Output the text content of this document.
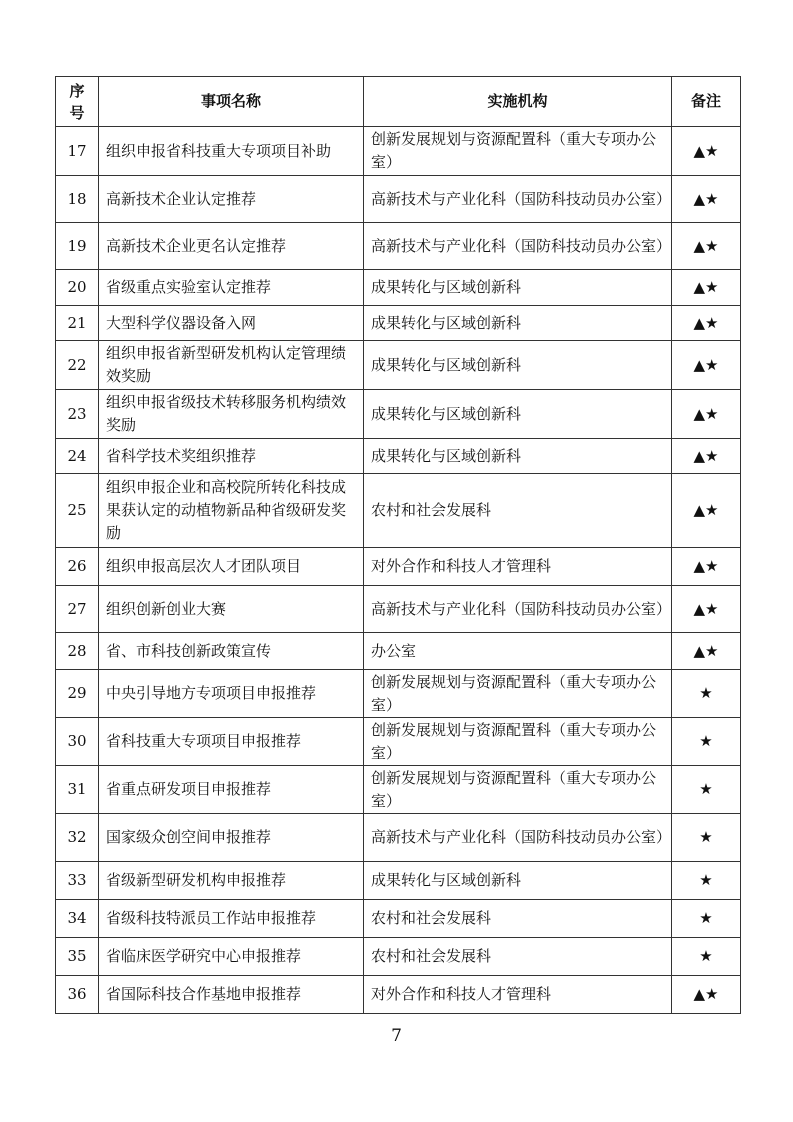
序号	事项名称	实施机构	备注
17	组织申报省科技重大专项项目补助	创新发展规划与资源配置科（重大专项办公室）	▲★
18	高新技术企业认定推荐	高新技术与产业化科（国防科技动员办公室）	▲★
19	高新技术企业更名认定推荐	高新技术与产业化科（国防科技动员办公室）	▲★
20	省级重点实验室认定推荐	成果转化与区域创新科	▲★
21	大型科学仪器设备入网	成果转化与区域创新科	▲★
22	组织申报省新型研发机构认定管理绩效奖励	成果转化与区域创新科	▲★
23	组织申报省级技术转移服务机构绩效奖励	成果转化与区域创新科	▲★
24	省科学技术奖组织推荐	成果转化与区域创新科	▲★
25	组织申报企业和高校院所转化科技成果获认定的动植物新品种省级研发奖励	农村和社会发展科	▲★
26	组织申报高层次人才团队项目	对外合作和科技人才管理科	▲★
27	组织创新创业大赛	高新技术与产业化科（国防科技动员办公室）	▲★
28	省、市科技创新政策宣传	办公室	▲★
29	中央引导地方专项项目申报推荐	创新发展规划与资源配置科（重大专项办公室）	★
30	省科技重大专项项目申报推荐	创新发展规划与资源配置科（重大专项办公室）	★
31	省重点研发项目申报推荐	创新发展规划与资源配置科（重大专项办公室）	★
32	国家级众创空间申报推荐	高新技术与产业化科（国防科技动员办公室）	★
33	省级新型研发机构申报推荐	成果转化与区域创新科	★
34	省级科技特派员工作站申报推荐	农村和社会发展科	★
35	省临床医学研究中心申报推荐	农村和社会发展科	★
36	省国际科技合作基地申报推荐	对外合作和科技人才管理科	▲★
7
